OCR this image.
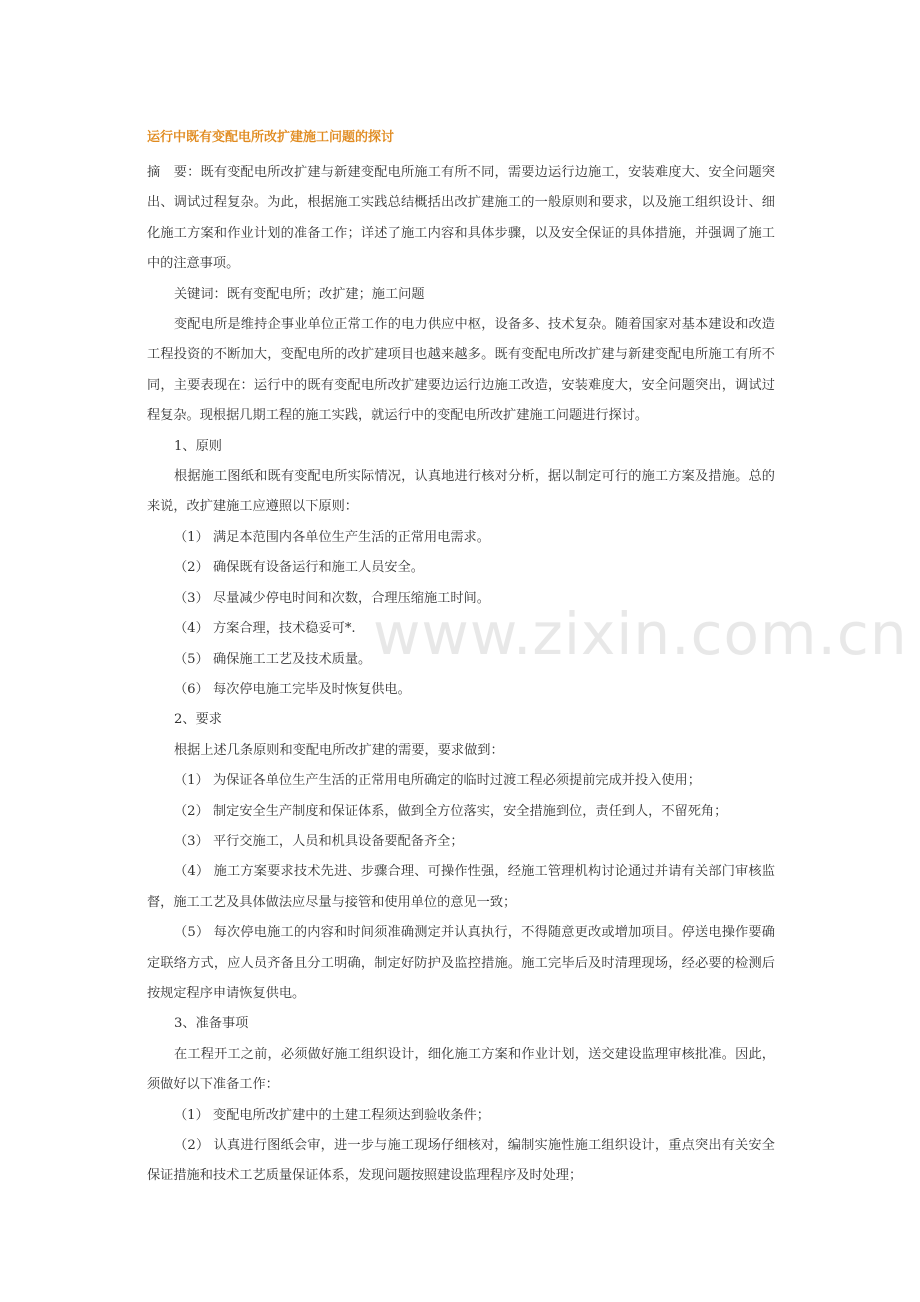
运行中既有变配电所改扩建施工问题的探讨

摘　要：既有变配电所改扩建与新建变配电所施工有所不同，需要边运行边施工，安装难度大、安全问题突出、调试过程复杂。为此，根据施工实践总结概括出改扩建施工的一般原则和要求，以及施工组织设计、细化施工方案和作业计划的准备工作；详述了施工内容和具体步骤，以及安全保证的具体措施，并强调了施工中的注意事项。

关键词：既有变配电所；改扩建；施工问题

变配电所是维持企事业单位正常工作的电力供应中枢，设备多、技术复杂。随着国家对基本建设和改造工程投资的不断加大，变配电所的改扩建项目也越来越多。既有变配电所改扩建与新建变配电所施工有所不同，主要表现在：运行中的既有变配电所改扩建要边运行边施工改造，安装难度大，安全问题突出，调试过程复杂。现根据几期工程的施工实践，就运行中的变配电所改扩建施工问题进行探讨。

1、原则

根据施工图纸和既有变配电所实际情况，认真地进行核对分析，据以制定可行的施工方案及措施。总的来说，改扩建施工应遵照以下原则：

（1） 满足本范围内各单位生产生活的正常用电需求。

（2） 确保既有设备运行和施工人员安全。

（3） 尽量减少停电时间和次数，合理压缩施工时间。

（4） 方案合理，技术稳妥可*.

（5） 确保施工工艺及技术质量。

（6） 每次停电施工完毕及时恢复供电。

2、要求

根据上述几条原则和变配电所改扩建的需要，要求做到：

（1） 为保证各单位生产生活的正常用电所确定的临时过渡工程必须提前完成并投入使用；

（2） 制定安全生产制度和保证体系，做到全方位落实，安全措施到位，责任到人，不留死角；

（3） 平行交施工，人员和机具设备要配备齐全；

（4） 施工方案要求技术先进、步骤合理、可操作性强，经施工管理机构讨论通过并请有关部门审核监督，施工工艺及具体做法应尽量与接管和使用单位的意见一致；

（5） 每次停电施工的内容和时间须准确测定并认真执行，不得随意更改或增加项目。停送电操作要确定联络方式，应人员齐备且分工明确，制定好防护及监控措施。施工完毕后及时清理现场，经必要的检测后按规定程序申请恢复供电。

3、准备事项

在工程开工之前，必须做好施工组织设计，细化施工方案和作业计划，送交建设监理审核批准。因此，须做好以下准备工作：

（1） 变配电所改扩建中的土建工程须达到验收条件；

（2） 认真进行图纸会审，进一步与施工现场仔细核对，编制实施性施工组织设计，重点突出有关安全保证措施和技术工艺质量保证体系，发现问题按照建设监理程序及时处理；

www.zixin.com.cn
